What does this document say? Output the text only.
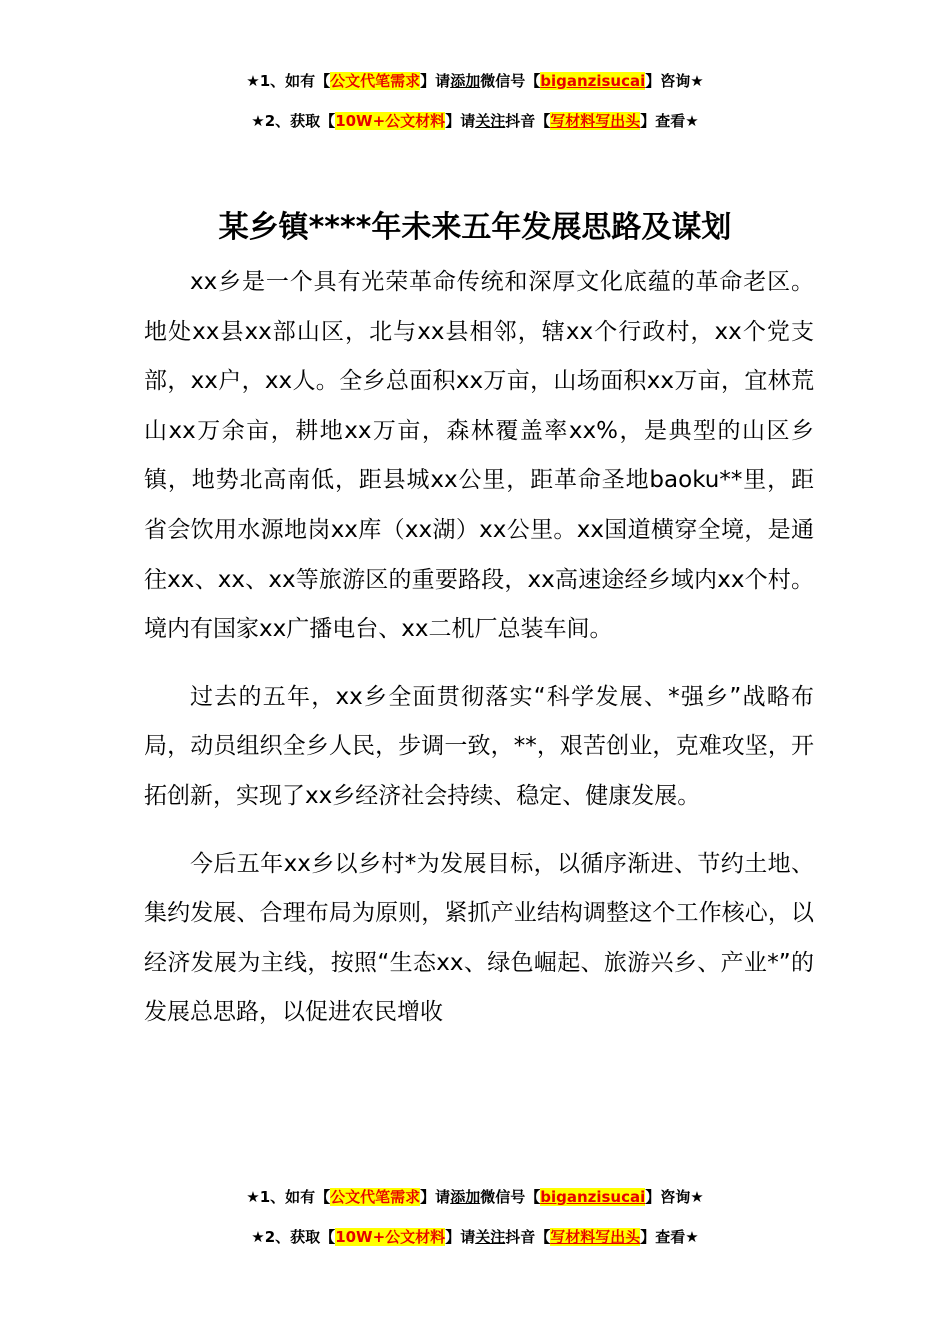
★1、如有【公文代笔需求】请添加微信号【biganzisucai】咨询★
★2、获取【10W+公文材料】请关注抖音【写材料写出头】查看★
某乡镇****年未来五年发展思路及谋划

xx乡是一个具有光荣革命传统和深厚文化底蕴的革命老区。地处xx县xx部山区，北与xx县相邻，辖xx个行政村，xx个党支部，xx户，xx人。全乡总面积xx万亩，山场面积xx万亩，宜林荒山xx万余亩，耕地xx万亩，森林覆盖率xx%，是典型的山区乡镇，地势北高南低，距县城xx公里，距革命圣地baoku**里，距省会饮用水源地岗xx库（xx湖）xx公里。xx国道横穿全境，是通往xx、xx、xx等旅游区的重要路段，xx高速途经乡域内xx个村。境内有国家xx广播电台、xx二机厂总装车间。

过去的五年，xx乡全面贯彻落实“科学发展、*强乡”战略布局，动员组织全乡人民，步调一致，**，艰苦创业，克难攻坚，开拓创新，实现了xx乡经济社会持续、稳定、健康发展。

今后五年xx乡以乡村*为发展目标，以循序渐进、节约土地、集约发展、合理布局为原则，紧抓产业结构调整这个工作核心，以经济发展为主线，按照“生态xx、绿色崛起、旅游兴乡、产业*”的发展总思路，以促进农民增收

★1、如有【公文代笔需求】请添加微信号【biganzisucai】咨询★
★2、获取【10W+公文材料】请关注抖音【写材料写出头】查看★
